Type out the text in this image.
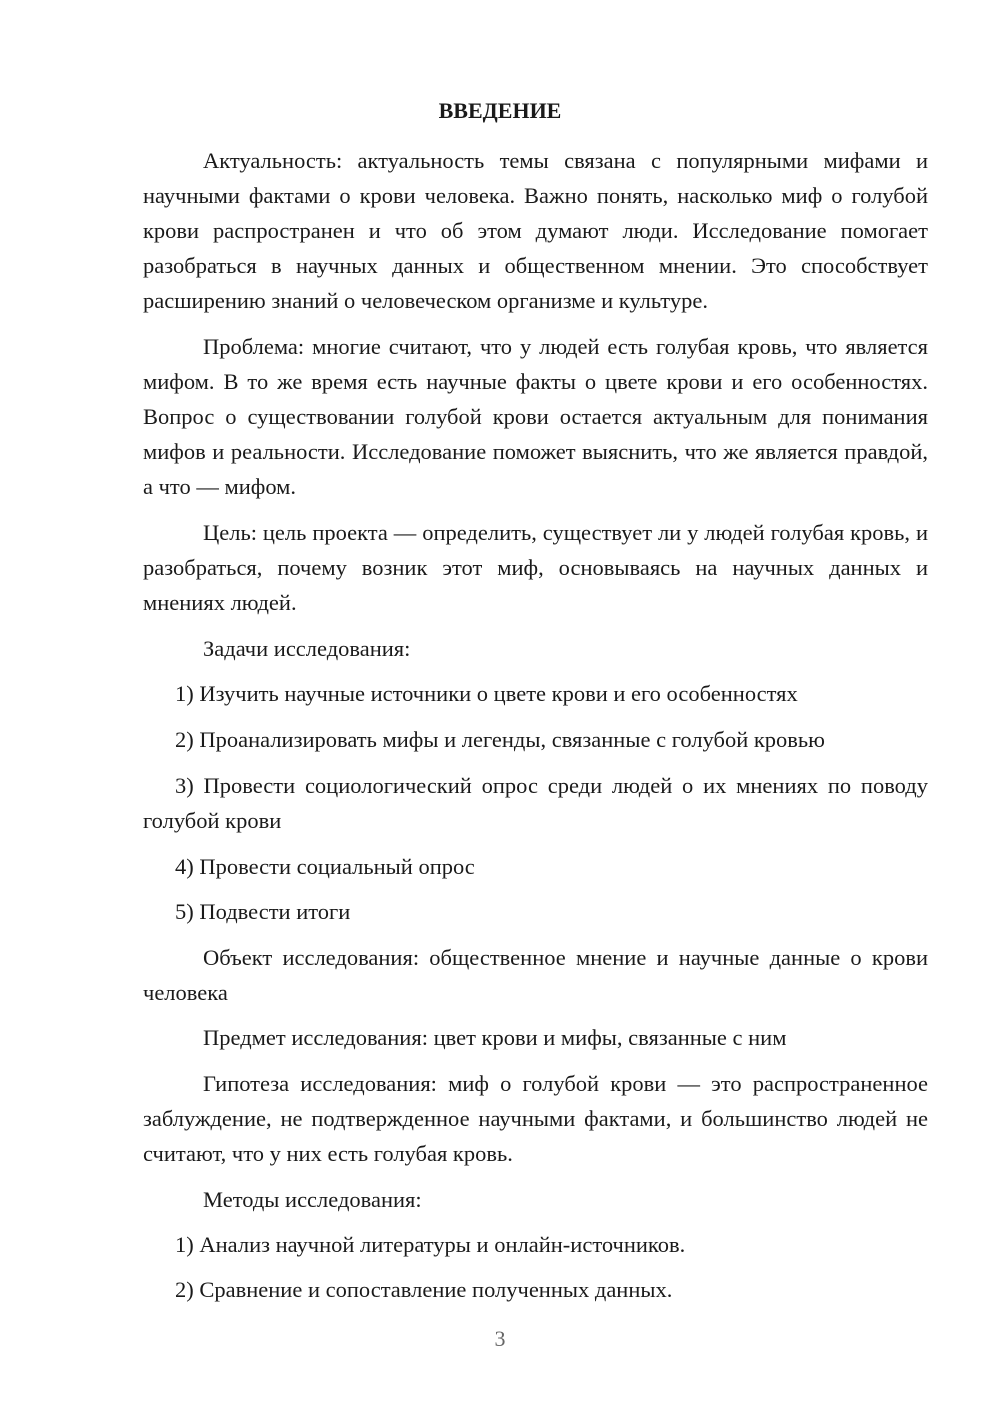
ВВЕДЕНИЕ

Актуальность: актуальность темы связана с популярными мифами и научными фактами о крови человека. Важно понять, насколько миф о голубой крови распространен и что об этом думают люди. Исследование помогает разобраться в научных данных и общественном мнении. Это способствует расширению знаний о человеческом организме и культуре.

Проблема: многие считают, что у людей есть голубая кровь, что является мифом. В то же время есть научные факты о цвете крови и его особенностях. Вопрос о существовании голубой крови остается актуальным для понимания мифов и реальности. Исследование поможет выяснить, что же является правдой, а что — мифом.

Цель: цель проекта — определить, существует ли у людей голубая кровь, и разобраться, почему возник этот миф, основываясь на научных данных и мнениях людей.

Задачи исследования:

1) Изучить научные источники о цвете крови и его особенностях

2) Проанализировать мифы и легенды, связанные с голубой кровью

3) Провести социологический опрос среди людей о их мнениях по поводу голубой крови

4) Провести социальный опрос

5) Подвести итоги

Объект исследования: общественное мнение и научные данные о крови человека

Предмет исследования: цвет крови и мифы, связанные с ним

Гипотеза исследования: миф о голубой крови — это распространенное заблуждение, не подтвержденное научными фактами, и большинство людей не считают, что у них есть голубая кровь.

Методы исследования:

1) Анализ научной литературы и онлайн-источников.

2) Сравнение и сопоставление полученных данных.

3
